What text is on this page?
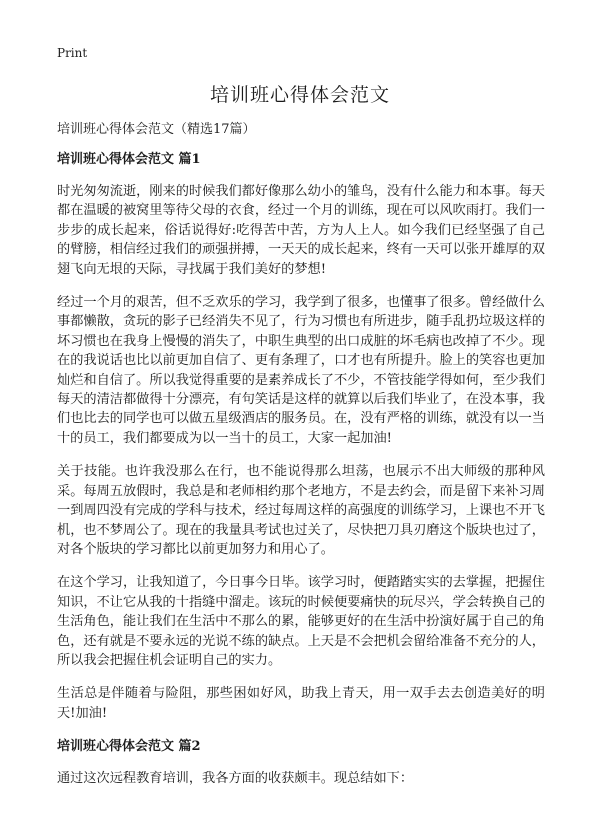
Print
培训班心得体会范文

培训班心得体会范文（精选17篇）

培训班心得体会范文 篇1

时光匆匆流逝，刚来的时候我们都好像那么幼小的雏鸟，没有什么能力和本事。每天都在温暖的被窝里等待父母的衣食，经过一个月的训练，现在可以风吹雨打。我们一步步的成长起来，俗话说得好:吃得苦中苦，方为人上人。如今我们已经坚强了自己的臂膀，相信经过我们的顽强拼搏，一天天的成长起来，终有一天可以张开雄厚的双翅飞向无垠的天际，寻找属于我们美好的梦想!

经过一个月的艰苦，但不乏欢乐的学习，我学到了很多，也懂事了很多。曾经做什么事都懒散，贪玩的影子已经消失不见了，行为习惯也有所进步，随手乱扔垃圾这样的坏习惯也在我身上慢慢的消失了，中职生典型的出口成脏的坏毛病也改掉了不少。现在的我说话也比以前更加自信了、更有条理了，口才也有所提升。脸上的笑容也更加灿烂和自信了。所以我觉得重要的是素养成长了不少，不管技能学得如何，至少我们每天的清洁都做得十分漂亮，有句笑话是这样的就算以后我们毕业了，在没本事，我们也比去的同学也可以做五星级酒店的服务员。在，没有严格的训练，就没有以一当十的员工，我们都要成为以一当十的员工，大家一起加油!

关于技能。也许我没那么在行，也不能说得那么坦荡，也展示不出大师级的那种风采。每周五放假时，我总是和老师相约那个老地方，不是去约会，而是留下来补习周一到周四没有完成的学科与技术，经过每周这样的高强度的训练学习，上课也不开飞机，也不梦周公了。现在的我量具考试也过关了，尽快把刀具刃磨这个版块也过了，对各个版块的学习都比以前更加努力和用心了。

在这个学习，让我知道了，今日事今日毕。该学习时，便踏踏实实的去掌握，把握住知识，不让它从我的十指缝中溜走。该玩的时候便要痛快的玩尽兴，学会转换自己的生活角色，能让我们在生活中不那么的累，能够更好的在生活中扮演好属于自己的角色，还有就是不要永远的光说不练的缺点。上天是不会把机会留给准备不充分的人，所以我会把握住机会证明自己的实力。

生活总是伴随着与险阻，那些困如好风，助我上青天，用一双手去去创造美好的明天!加油!

培训班心得体会范文 篇2

通过这次远程教育培训，我各方面的收获颇丰。现总结如下：
